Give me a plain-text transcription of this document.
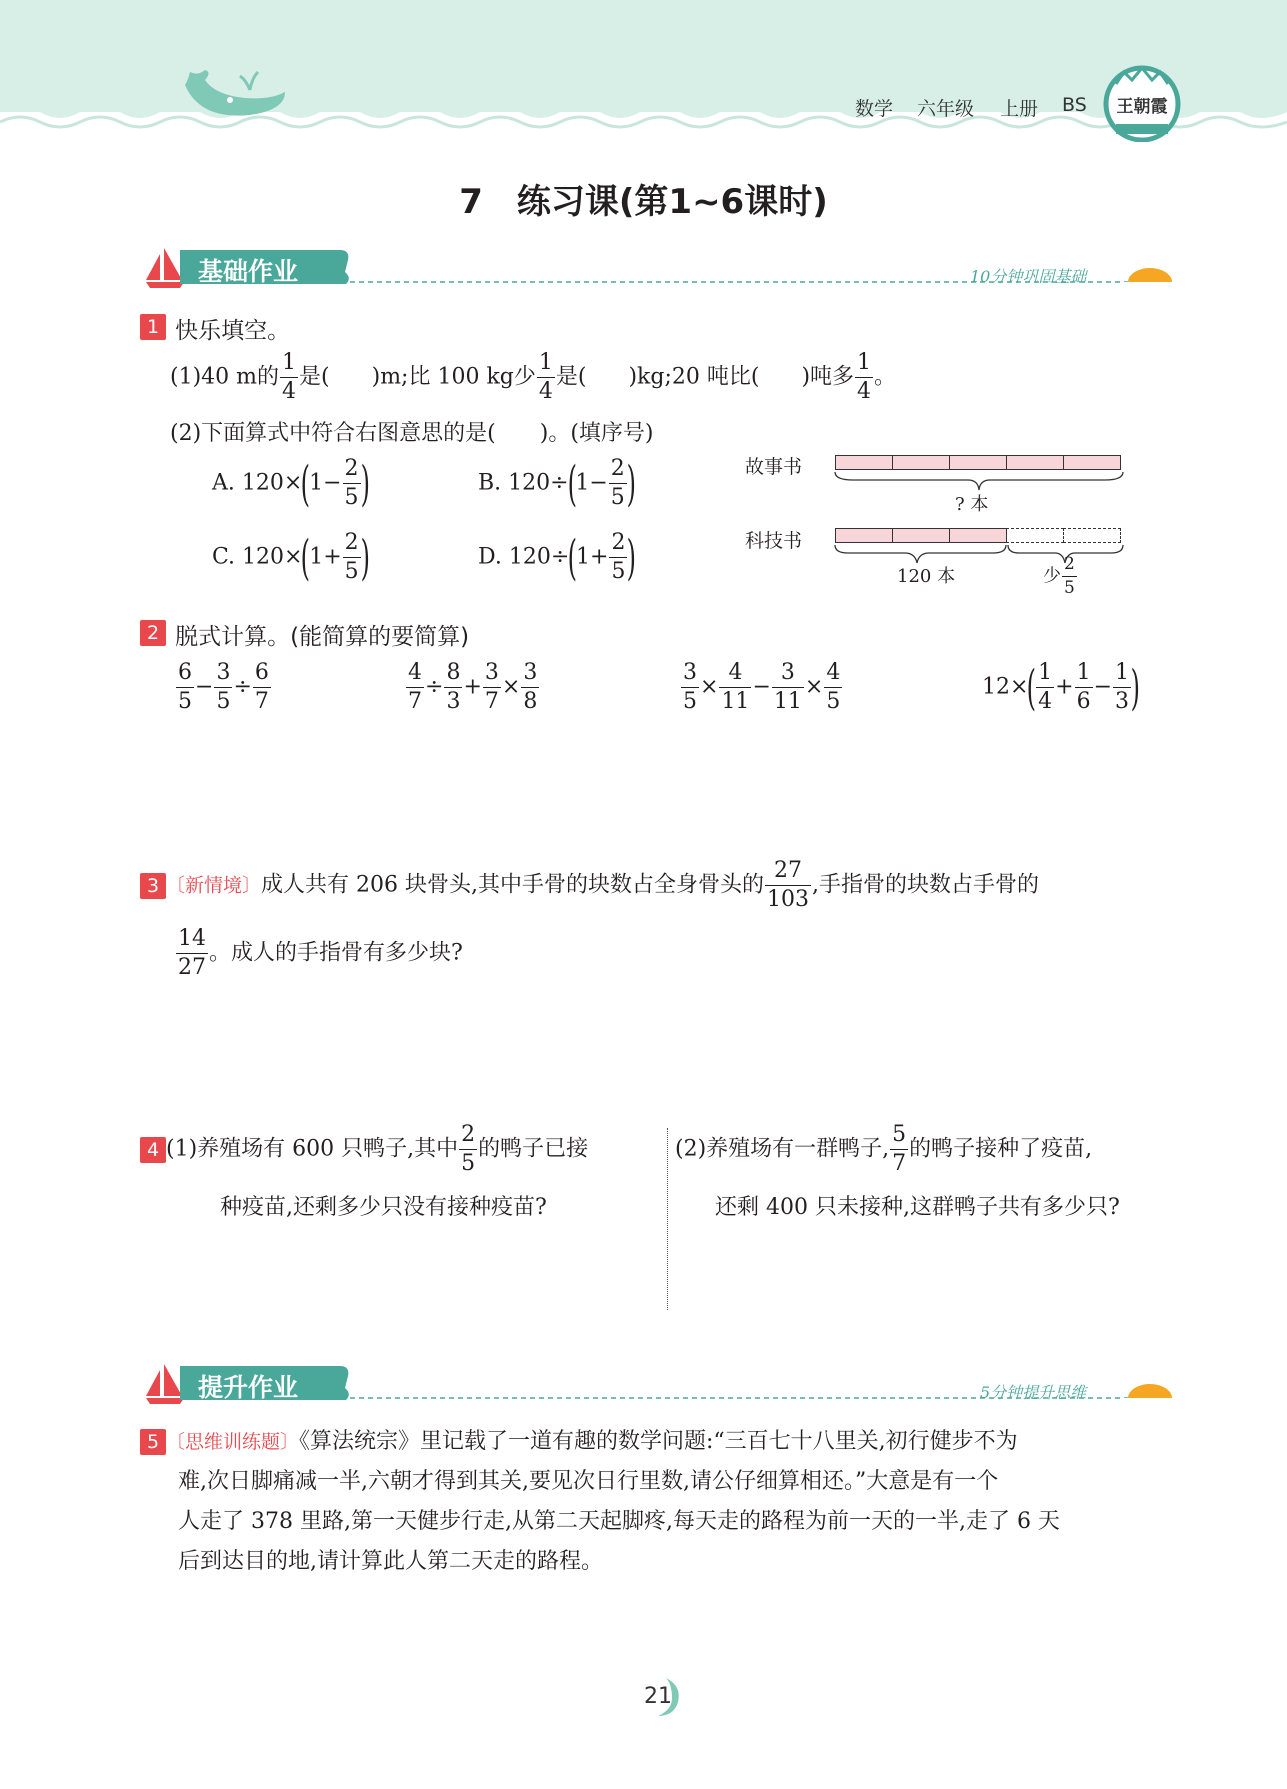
数学 六年级 上册 BS	王朝霞
7　练习课(第1~6课时)
基础作业	10分钟巩固基础
1 快乐填空。
(1)40 m的 $\frac{1}{4}$ 是( )m;比 100 kg少 $\frac{1}{4}$ 是( )kg;20 吨比( )吨多 $\frac{1}{4}$ 。
(2)下面算式中符合右图意思的是(　　)。(填序号)
A. $120\times(1- \frac{2}{5}$ )	B. $120\div(1- \frac{2}{5}$ )
C. $120\times(1+ \frac{2}{5}$ )	D. $120\div(1+ \frac{2}{5}$ )
故事书
? 本
科技书
120 本	少 $\frac{2}{5}$
2 脱式计算。(能简算的要简算)
$\frac{6}{5} - \frac{3}{5} \div \frac{6}{7}$	$\frac{4}{7} \div \frac{8}{3} + \frac{3}{7} \times \frac{3}{8}$	$\frac{3}{5} \times \frac{4}{11} - \frac{3}{11} \times \frac{4}{5}$	$12\times( \frac{1}{4} + \frac{1}{6} - \frac{1}{3}$ )
3 〔新情境〕成人共有 206 块骨头,其中手骨的块数占全身骨头的 $\frac{27}{103}$ ,手指骨的块数占手骨的
$\frac{14}{27}$ 。成人的手指骨有多少块?
4 (1)养殖场有 600 只鸭子,其中 $\frac{2}{5}$ 的鸭子已接
种疫苗,还剩多少只没有接种疫苗?
(2)养殖场有一群鸭子, $\frac{5}{7}$ 的鸭子接种了疫苗,
还剩 400 只未接种,这群鸭子共有多少只?
提升作业	5分钟提升思维
5 〔思维训练题〕《算法统宗》里记载了一道有趣的数学问题:“三百七十八里关,初行健步不为
难,次日脚痛减一半,六朝才得到其关,要见次日行里数,请公仔细算相还。”大意是有一个
人走了 378 里路,第一天健步行走,从第二天起脚疼,每天走的路程为前一天的一半,走了 6 天
后到达目的地,请计算此人第二天走的路程。
21
